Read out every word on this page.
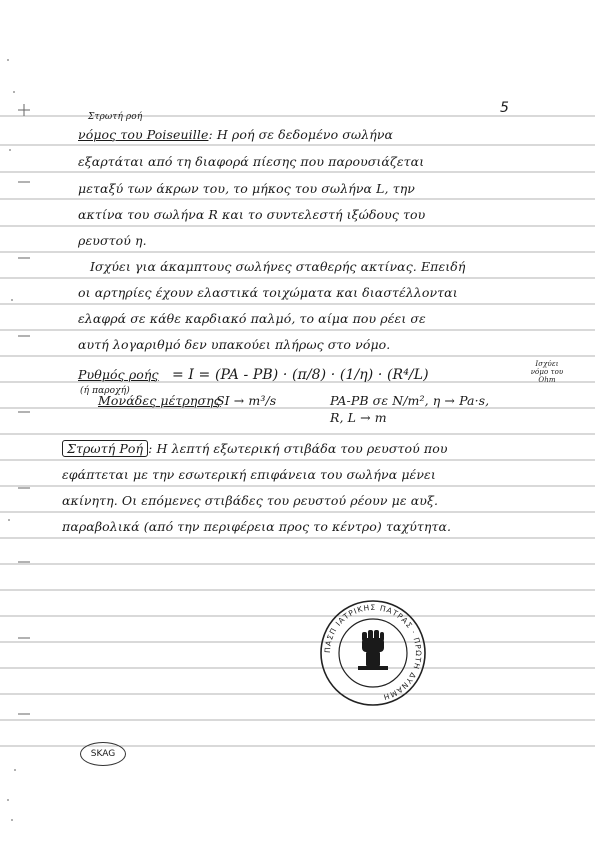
5
Στρωτή ροή
νόμος του Poiseuille: Η ροή σε δεδομένο σωλήνα
εξαρτάται από τη διαφορά πίεσης που παρουσιάζεται
μεταξύ των άκρων του, το μήκος του σωλήνα L, την
ακτίνα του σωλήνα R και το συντελεστή ιξώδους του
ρευστού η.
Ισχύει για άκαμπτους σωλήνες σταθερής ακτίνας. Επειδή
οι αρτηρίες έχουν ελαστικά τοιχώματα και διαστέλλονται
ελαφρά σε κάθε καρδιακό παλμό, το αίμα που ρέει σε
αυτή λογαριθμό δεν υπακούει πλήρως στο νόμο.
Ρυθμός ροής
(ή παροχή)
= I = (PA - PB) · (π/8) · (1/η) · (R⁴/L)
Ισχύει νόμο του Ohm
Μονάδες μέτρησης
SI → m³/s	PA-PB σε N/m², η → Pa·s,
R, L → m
Στρωτή Ροή : Η λεπτή εξωτερική στιβάδα του ρευστού που
εφάπτεται με την εσωτερική επιφάνεια του σωλήνα μένει
ακίνητη. Οι επόμενες στιβάδες του ρευστού ρέουν με αυξ.
παραβολικά (από την περιφέρεια προς το κέντρο) ταχύτητα.
ΠΑΣΠ ΙΑΤΡΙΚΗΣ ΠΑΤΡΑΣ · ΠΡΩΤΗ ΔΥΝΑΜΗ
SKAG
